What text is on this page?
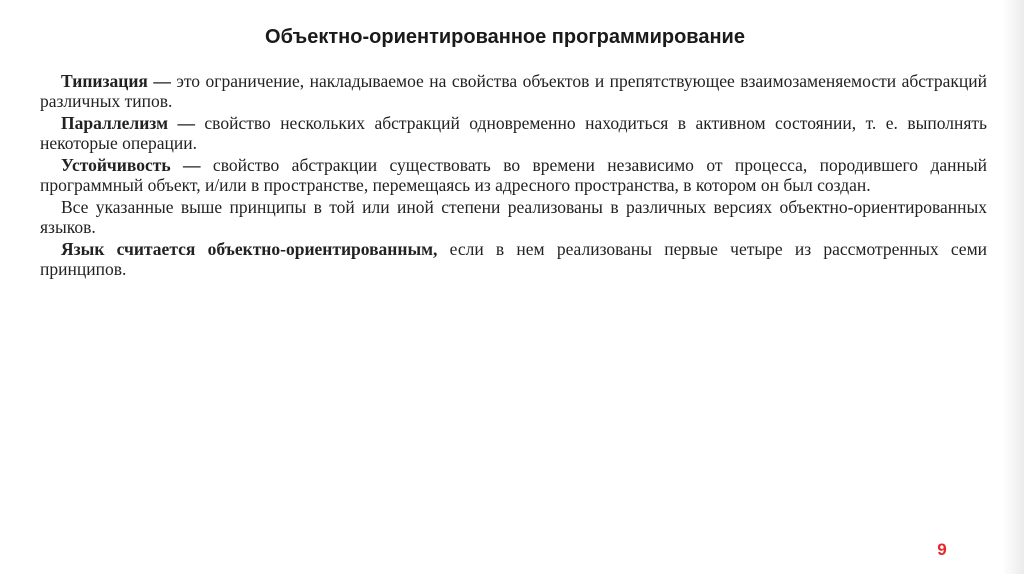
Объектно-ориентированное программирование

Типизация — это ограничение, накладываемое на свойства объектов и препятствующее взаимозаменяемости абстракций различных типов.

Параллелизм — свойство нескольких абстракций одновременно находиться в активном состоянии, т. е. выполнять некоторые операции.

Устойчивость — свойство абстракции существовать во времени независимо от процесса, породившего данный программный объект, и/или в пространстве, перемещаясь из адресного пространства, в котором он был создан.

Все указанные выше принципы в той или иной степени реализованы в различных версиях объектно-ориентированных языков.

Язык считается объектно-ориентированным, если в нем реализованы первые четыре из рассмотренных семи принципов.

9
